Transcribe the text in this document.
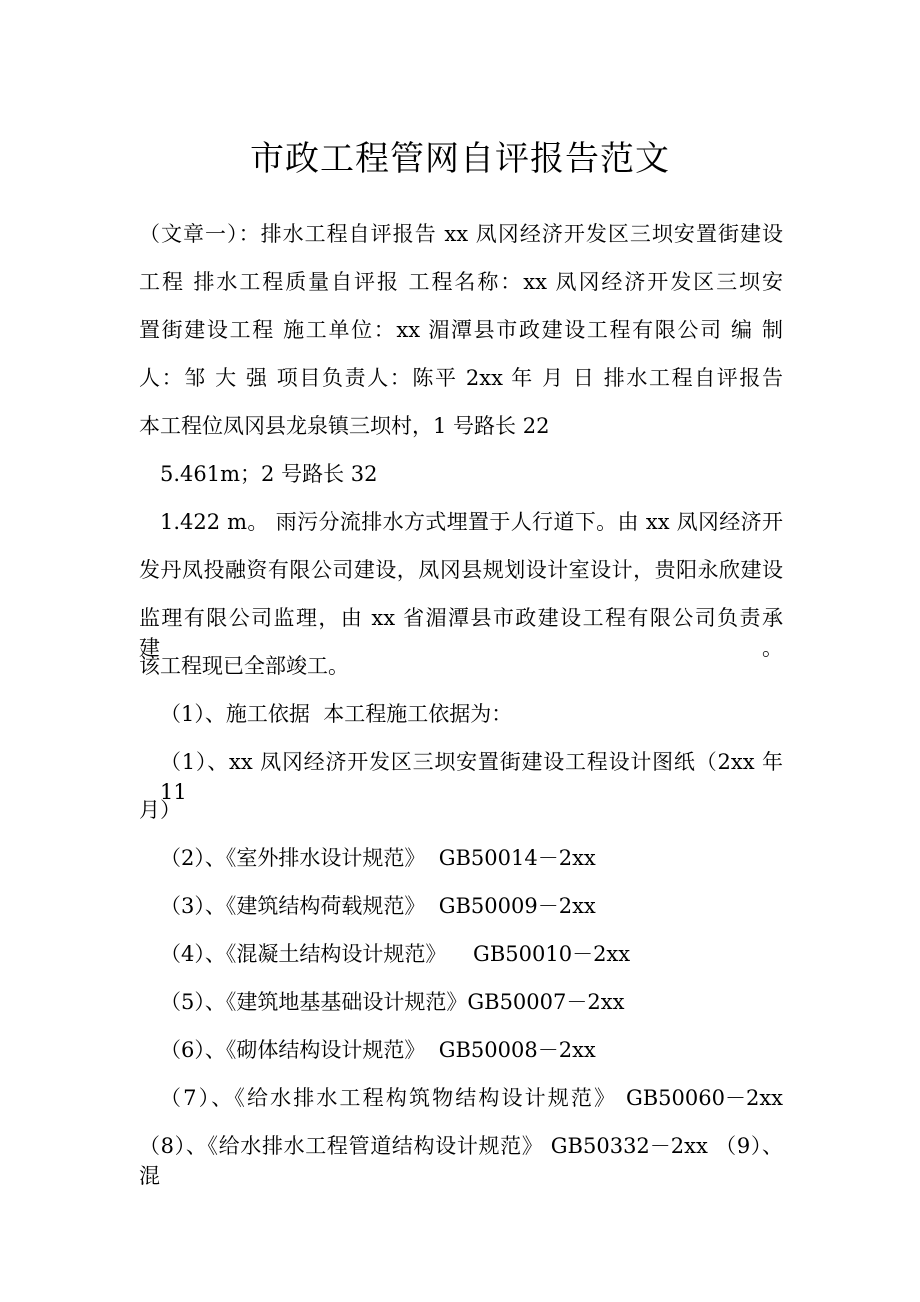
市政工程管网自评报告范文
（文章一）：排水工程自评报告 xx 凤冈经济开发区三坝安置街建设
工程 排水工程质量自评报 工程名称：xx 凤冈经济开发区三坝安
置街建设工程 施工单位：xx 湄潭县市政建设工程有限公司 编 制
人：邹 大 强 项目负责人：陈平 2xx 年 月 日 排水工程自评报告
本工程位凤冈县龙泉镇三坝村，1 号路长 22
5.461m；2 号路长 32
1.422 m。 雨污分流排水方式埋置于人行道下。由 xx 凤冈经济开
发丹凤投融资有限公司建设，凤冈县规划设计室设计，贵阳永欣建设
监理有限公司监理，由 xx 省湄潭县市政建设工程有限公司负责承建。
该工程现已全部竣工。
（1）、施工依据  本工程施工依据为：
（1）、xx 凤冈经济开发区三坝安置街建设工程设计图纸（2xx 年 11
月）
（2）、《室外排水设计规范》  GB50014－2xx
（3）、《建筑结构荷载规范》  GB50009－2xx
（4）、《混凝土结构设计规范》    GB50010－2xx
（5）、《建筑地基基础设计规范》GB50007－2xx
（6）、《砌体结构设计规范》  GB50008－2xx
（7）、《给水排水工程构筑物结构设计规范》 GB50060－2xx
（8）、《给水排水工程管道结构设计规范》 GB50332－2xx （9）、混
